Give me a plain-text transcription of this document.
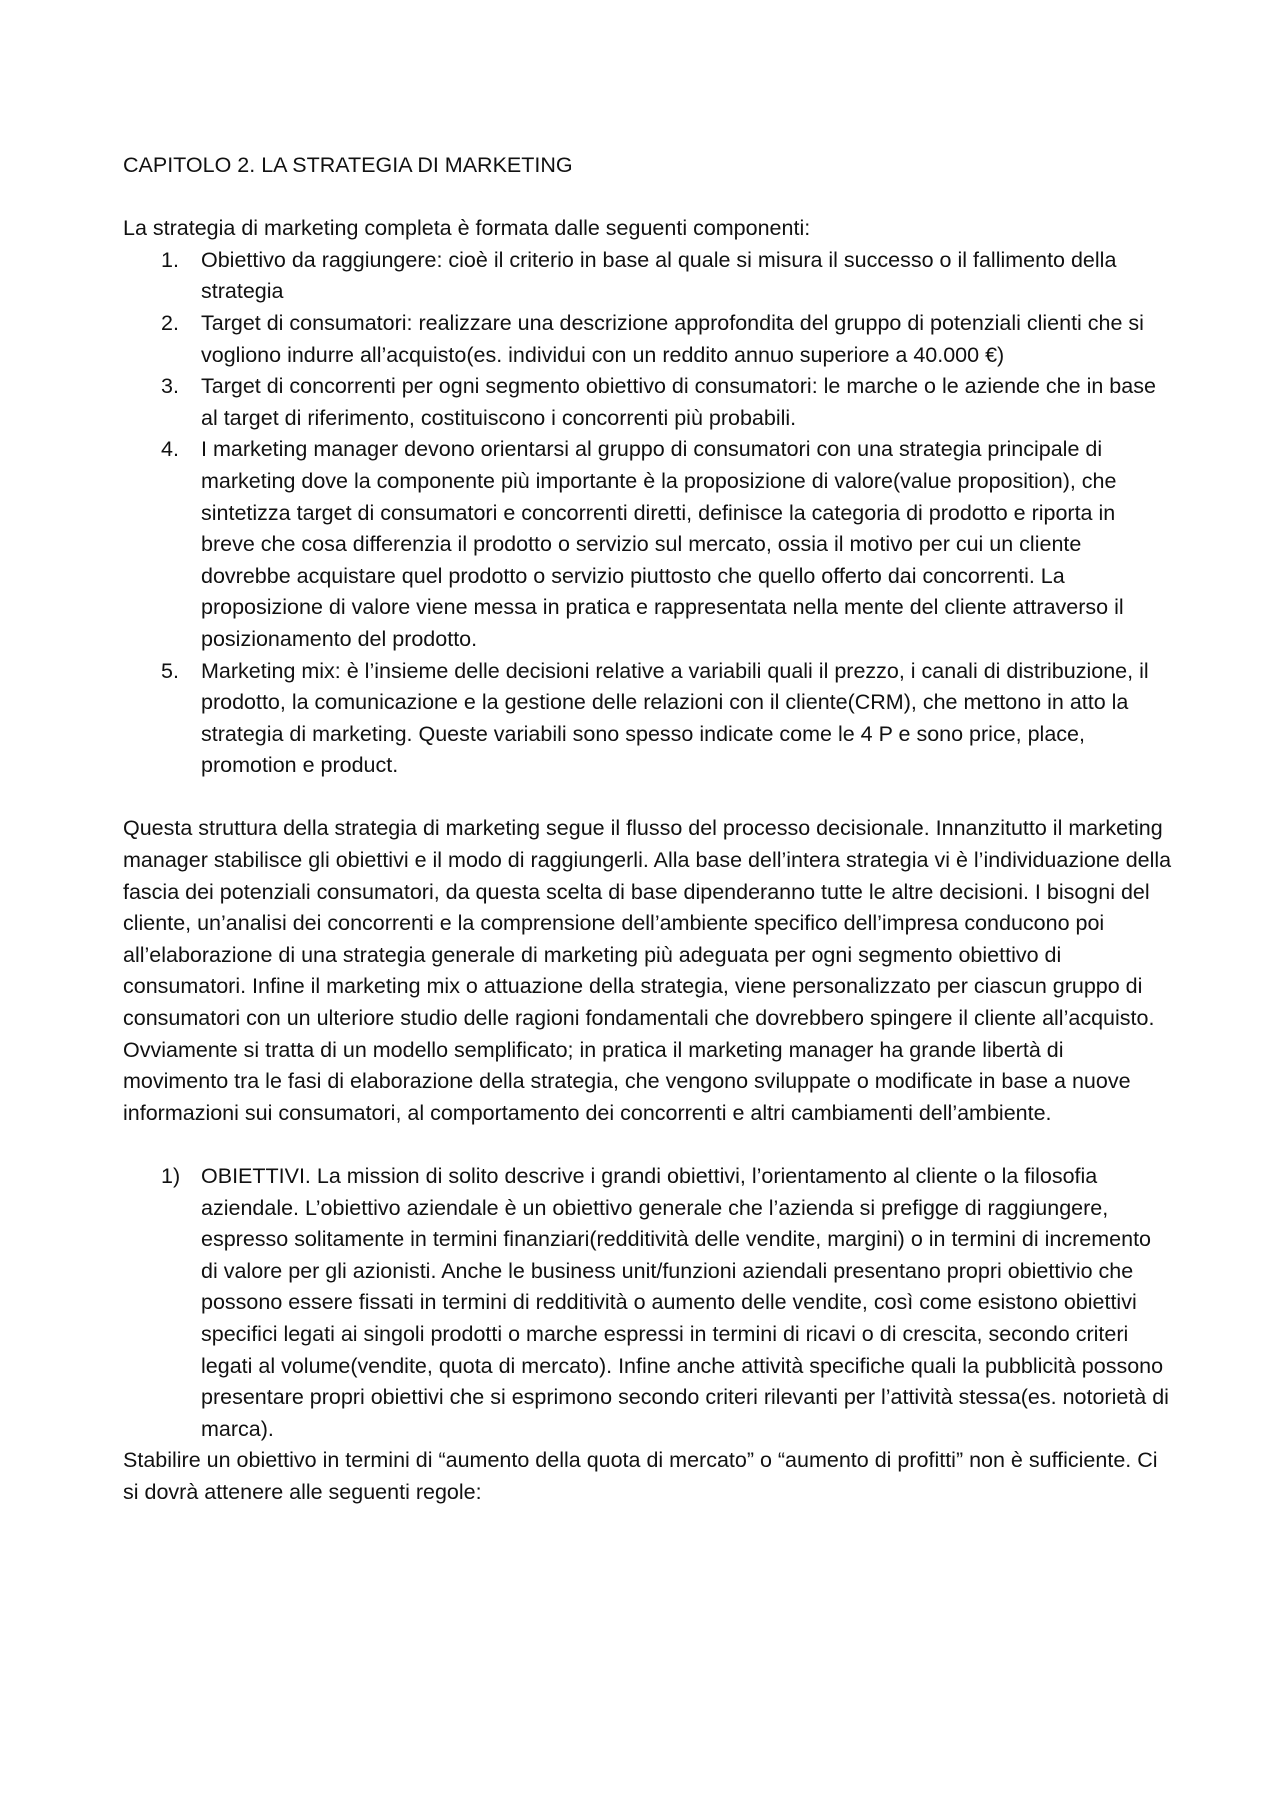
CAPITOLO 2. LA STRATEGIA DI MARKETING

La strategia di marketing completa è formata dalle seguenti componenti:

1.	Obiettivo da raggiungere: cioè il criterio in base al quale si misura il successo o il fallimento della strategia
2.	Target di consumatori: realizzare una descrizione approfondita del gruppo di potenziali clienti che si vogliono indurre all’acquisto(es. individui con un reddito annuo superiore a 40.000 €)
3.	Target di concorrenti per ogni segmento obiettivo di consumatori: le marche o le aziende che in base al target di riferimento, costituiscono i concorrenti più probabili.
4.	I marketing manager devono orientarsi al gruppo di consumatori con una strategia principale di marketing dove la componente più importante è la proposizione di valore(value proposition), che sintetizza target di consumatori e concorrenti diretti, definisce la categoria di prodotto e riporta in breve che cosa differenzia il prodotto o servizio sul mercato, ossia il motivo per cui un cliente dovrebbe acquistare quel prodotto o servizio piuttosto che quello offerto dai concorrenti. La proposizione di valore viene messa in pratica e rappresentata nella mente del cliente attraverso il posizionamento del prodotto.
5.	Marketing mix: è l’insieme delle decisioni relative a variabili quali il prezzo, i canali di distribuzione, il prodotto, la comunicazione e la gestione delle relazioni con il cliente(CRM), che mettono in atto la strategia di marketing. Queste variabili sono spesso indicate come le 4 P e sono price, place, promotion e product.

Questa struttura della strategia di marketing segue il flusso del processo decisionale. Innanzitutto il marketing manager stabilisce gli obiettivi e il modo di raggiungerli. Alla base dell’intera strategia vi è l’individuazione della fascia dei potenziali consumatori, da questa scelta di base dipenderanno tutte le altre decisioni. I bisogni del cliente, un’analisi dei concorrenti e la comprensione dell’ambiente specifico dell’impresa conducono poi all’elaborazione di una strategia generale di marketing più adeguata per ogni segmento obiettivo di consumatori. Infine il marketing mix o attuazione della strategia, viene personalizzato per ciascun gruppo di consumatori con un ulteriore studio delle ragioni fondamentali che dovrebbero spingere il cliente all’acquisto. Ovviamente si tratta di un modello semplificato; in pratica il marketing manager ha grande libertà di movimento tra le fasi di elaborazione della strategia, che vengono sviluppate o modificate in base a nuove informazioni sui consumatori, al comportamento dei concorrenti e altri cambiamenti dell’ambiente.

1) OBIETTIVI. La mission di solito descrive i grandi obiettivi, l’orientamento al cliente o la filosofia aziendale. L’obiettivo aziendale è un obiettivo generale che l’azienda si prefigge di raggiungere, espresso solitamente in termini finanziari(redditività delle vendite, margini) o in termini di incremento di valore per gli azionisti. Anche le business unit/funzioni aziendali presentano propri obiettivio che possono essere fissati in termini di redditività o aumento delle vendite, così come esistono obiettivi specifici legati ai singoli prodotti o marche espressi in termini di ricavi o di crescita, secondo criteri legati al volume(vendite, quota di mercato). Infine anche attività specifiche quali la pubblicità possono presentare propri obiettivi che si esprimono secondo criteri rilevanti per l’attività stessa(es. notorietà di marca).

Stabilire un obiettivo in termini di “aumento della quota di mercato” o “aumento di profitti” non è sufficiente. Ci si dovrà attenere alle seguenti regole:
